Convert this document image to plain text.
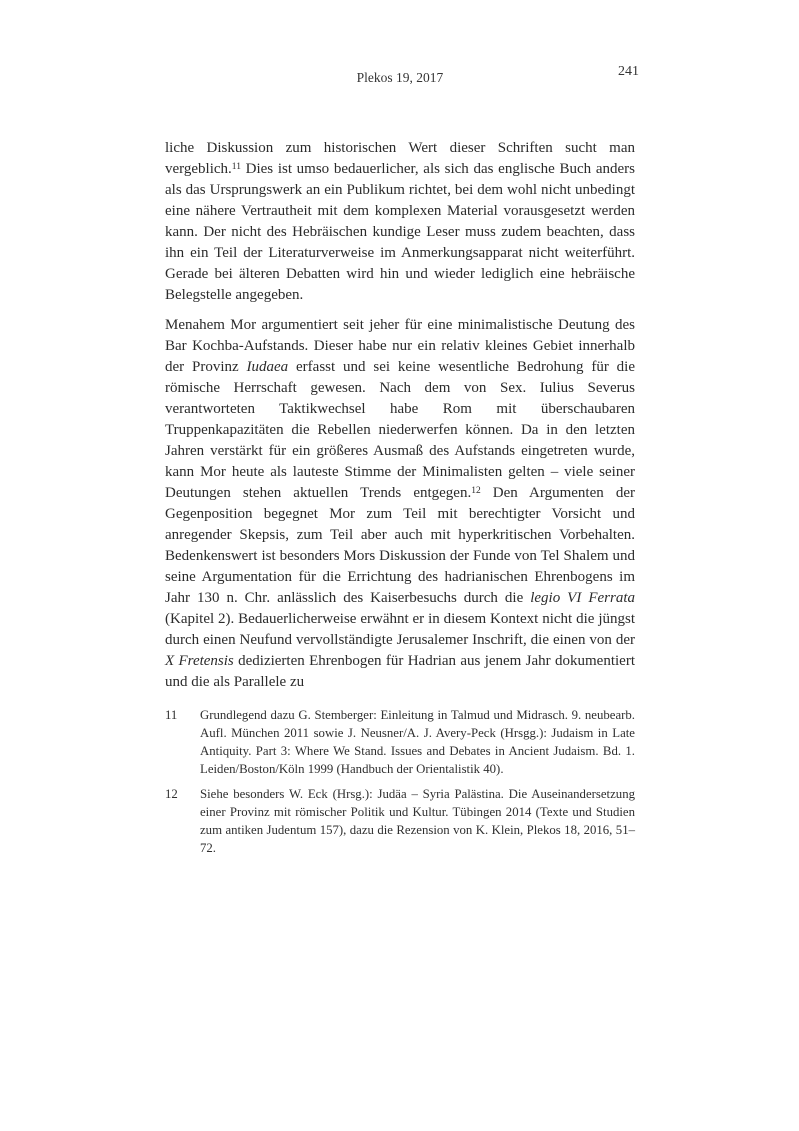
Plekos 19, 2017	241

liche Diskussion zum historischen Wert dieser Schriften sucht man vergeblich.$^{11}$ Dies ist umso bedauerlicher, als sich das englische Buch anders als das Ursprungswerk an ein Publikum richtet, bei dem wohl nicht unbedingt eine nähere Vertrautheit mit dem komplexen Material vorausgesetzt werden kann. Der nicht des Hebräischen kundige Leser muss zudem beachten, dass ihn ein Teil der Literaturverweise im Anmerkungsapparat nicht weiterführt. Gerade bei älteren Debatten wird hin und wieder lediglich eine hebräische Belegstelle angegeben.

Menahem Mor argumentiert seit jeher für eine minimalistische Deutung des Bar Kochba-Aufstands. Dieser habe nur ein relativ kleines Gebiet innerhalb der Provinz Iudaea erfasst und sei keine wesentliche Bedrohung für die römische Herrschaft gewesen. Nach dem von Sex. Iulius Severus verantworteten Taktikwechsel habe Rom mit überschaubaren Truppenkapazitäten die Rebellen niederwerfen können. Da in den letzten Jahren verstärkt für ein größeres Ausmaß des Aufstands eingetreten wurde, kann Mor heute als lauteste Stimme der Minimalisten gelten – viele seiner Deutungen stehen aktuellen Trends entgegen.$^{12}$ Den Argumenten der Gegenposition begegnet Mor zum Teil mit berechtigter Vorsicht und anregender Skepsis, zum Teil aber auch mit hyperkritischen Vorbehalten. Bedenkenswert ist besonders Mors Diskussion der Funde von Tel Shalem und seine Argumentation für die Errichtung des hadrianischen Ehrenbogens im Jahr 130 n. Chr. anlässlich des Kaiserbesuchs durch die legio VI Ferrata (Kapitel 2). Bedauerlicherweise erwähnt er in diesem Kontext nicht die jüngst durch einen Neufund vervollständigte Jerusalemer Inschrift, die einen von der X Fretensis dedizierten Ehrenbogen für Hadrian aus jenem Jahr dokumentiert und die als Parallele zu

11	Grundlegend dazu G. Stemberger: Einleitung in Talmud und Midrasch. 9. neubearb. Aufl. München 2011 sowie J. Neusner/A. J. Avery-Peck (Hrsgg.): Judaism in Late Antiquity. Part 3: Where We Stand. Issues and Debates in Ancient Judaism. Bd. 1. Leiden/Boston/Köln 1999 (Handbuch der Orientalistik 40).
12	Siehe besonders W. Eck (Hrsg.): Judäa – Syria Palästina. Die Auseinandersetzung einer Provinz mit römischer Politik und Kultur. Tübingen 2014 (Texte und Studien zum antiken Judentum 157), dazu die Rezension von K. Klein, Plekos 18, 2016, 51–72.
